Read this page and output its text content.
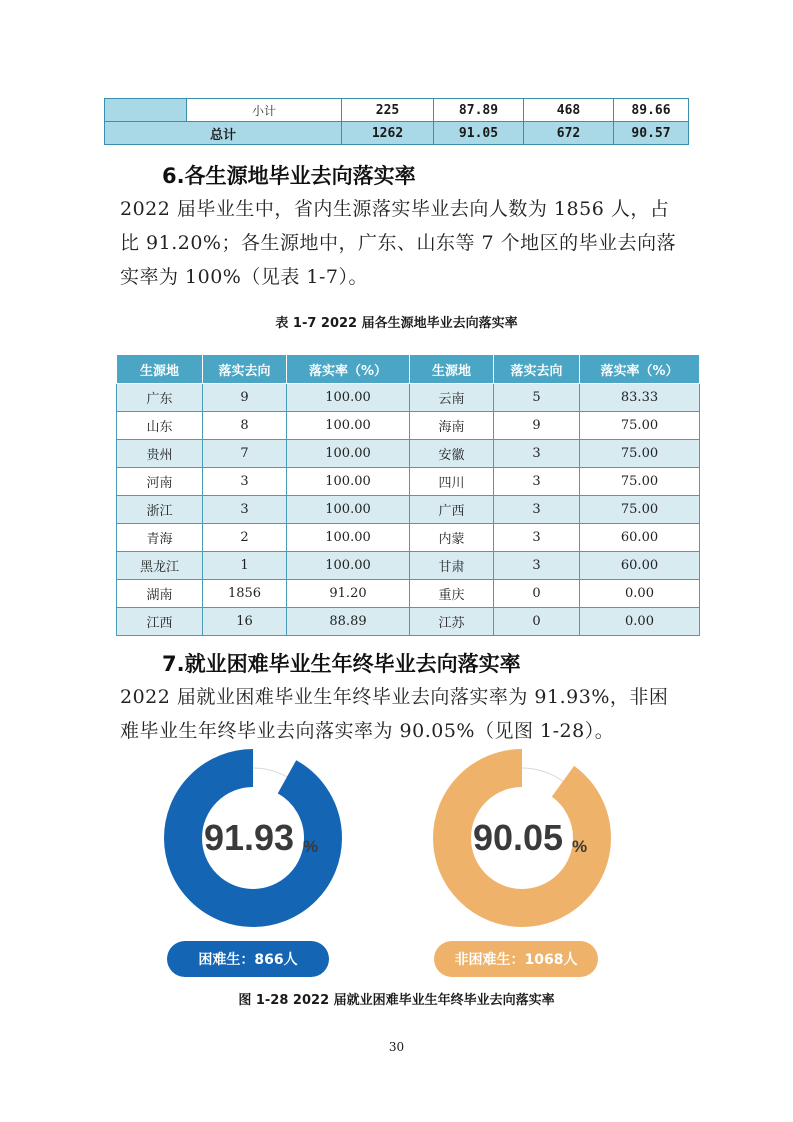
	小计	225	87.89	468	89.66
总计		1262	91.05	672	90.57
6.各生源地毕业去向落实率

2022 届毕业生中，省内生源落实毕业去向人数为 1856 人，占比 91.20%；各生源地中，广东、山东等 7 个地区的毕业去向落实率为 100%（见表 1-7）。

表 1-7 2022 届各生源地毕业去向落实率

生源地	落实去向	落实率（%）	生源地	落实去向	落实率（%）
广东	9	100.00	云南	5	83.33
山东	8	100.00	海南	9	75.00
贵州	7	100.00	安徽	3	75.00
河南	3	100.00	四川	3	75.00
浙江	3	100.00	广西	3	75.00
青海	2	100.00	内蒙	3	60.00
黑龙江	1	100.00	甘肃	3	60.00
湖南	1856	91.20	重庆	0	0.00
江西	16	88.89	江苏	0	0.00
7.就业困难毕业生年终毕业去向落实率

2022 届就业困难毕业生年终毕业去向落实率为 91.93%，非困难毕业生年终毕业去向落实率为 90.05%（见图 1-28）。

91.93 %	90.05 %
困难生：866人	非困难生：1068人

图 1-28 2022 届就业困难毕业生年终毕业去向落实率

30
